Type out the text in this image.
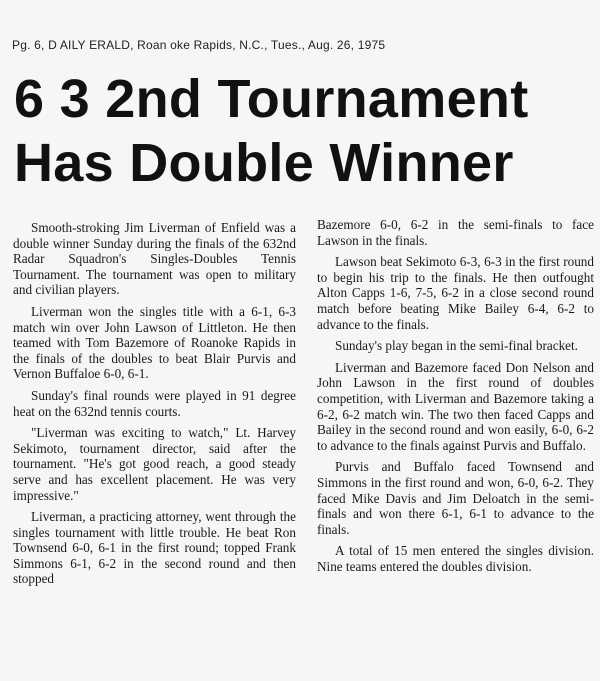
Pg. 6, D AILY ERALD, Roan oke Rapids, N.C., Tues., Aug. 26, 1975
6 3 2nd Tournament
Has Double Winner

Smooth-stroking Jim Liverman of Enfield was a double winner Sunday during the finals of the 632nd Radar Squadron's Singles-Doubles Tennis Tournament. The tournament was open to military and civilian players.

Liverman won the singles title with a 6-1, 6-3 match win over John Lawson of Littleton. He then teamed with Tom Bazemore of Roanoke Rapids in the finals of the doubles to beat Blair Purvis and Vernon Buffaloe 6-0, 6-1.

Sunday's final rounds were played in 91 degree heat on the 632nd tennis courts.

"Liverman was exciting to watch," Lt. Harvey Sekimoto, tournament director, said after the tournament. "He's got good reach, a good steady serve and has excellent placement. He was very impressive."

Liverman, a practicing attorney, went through the singles tournament with little trouble. He beat Ron Townsend 6-0, 6-1 in the first round; topped Frank Simmons 6-1, 6-2 in the second round and then stopped

Bazemore 6-0, 6-2 in the semi-finals to face Lawson in the finals.

Lawson beat Sekimoto 6-3, 6-3 in the first round to begin his trip to the finals. He then outfought Alton Capps 1-6, 7-5, 6-2 in a close second round match before beating Mike Bailey 6-4, 6-2 to advance to the finals.

Sunday's play began in the semi-final bracket.

Liverman and Bazemore faced Don Nelson and John Lawson in the first round of doubles competition, with Liverman and Bazemore taking a 6-2, 6-2 match win. The two then faced Capps and Bailey in the second round and won easily, 6-0, 6-2 to advance to the finals against Purvis and Buffalo.

Purvis and Buffalo faced Townsend and Simmons in the first round and won, 6-0, 6-2. They faced Mike Davis and Jim Deloatch in the semi-finals and won there 6-1, 6-1 to advance to the finals.

A total of 15 men entered the singles division. Nine teams entered the doubles division.
